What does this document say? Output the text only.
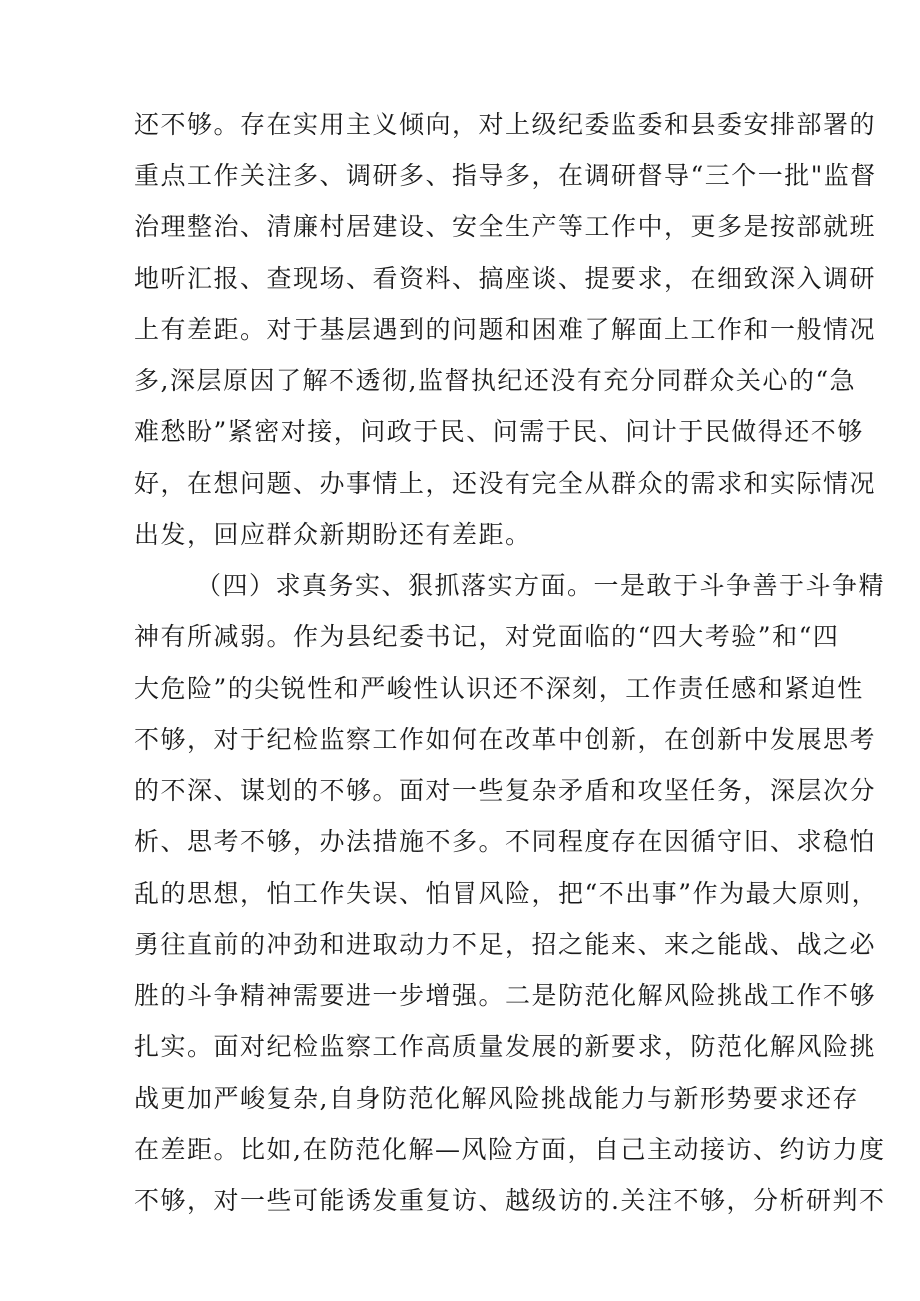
还不够。存在实用主义倾向，对上级纪委监委和县委安排部署的
重点工作关注多、调研多、指导多，在调研督导“三个一批"监督
治理整治、清廉村居建设、安全生产等工作中，更多是按部就班
地听汇报、查现场、看资料、搞座谈、提要求，在细致深入调研
上有差距。对于基层遇到的问题和困难了解面上工作和一般情况
多,深层原因了解不透彻,监督执纪还没有充分同群众关心的“急
难愁盼”紧密对接，问政于民、问需于民、问计于民做得还不够
好，在想问题、办事情上，还没有完全从群众的需求和实际情况
出发，回应群众新期盼还有差距。
（四）求真务实、狠抓落实方面。一是敢于斗争善于斗争精
神有所减弱。作为县纪委书记，对党面临的“四大考验”和“四
大危险”的尖锐性和严峻性认识还不深刻，工作责任感和紧迫性
不够，对于纪检监察工作如何在改革中创新，在创新中发展思考
的不深、谋划的不够。面对一些复杂矛盾和攻坚任务，深层次分
析、思考不够，办法措施不多。不同程度存在因循守旧、求稳怕
乱的思想，怕工作失误、怕冒风险，把“不出事”作为最大原则，
勇往直前的冲劲和进取动力不足，招之能来、来之能战、战之必
胜的斗争精神需要进一步增强。二是防范化解风险挑战工作不够
扎实。面对纪检监察工作高质量发展的新要求，防范化解风险挑
战更加严峻复杂,自身防范化解风险挑战能力与新形势要求还存
在差距。比如,在防范化解—风险方面，自己主动接访、约访力度
不够，对一些可能诱发重复访、越级访的.关注不够，分析研判不
